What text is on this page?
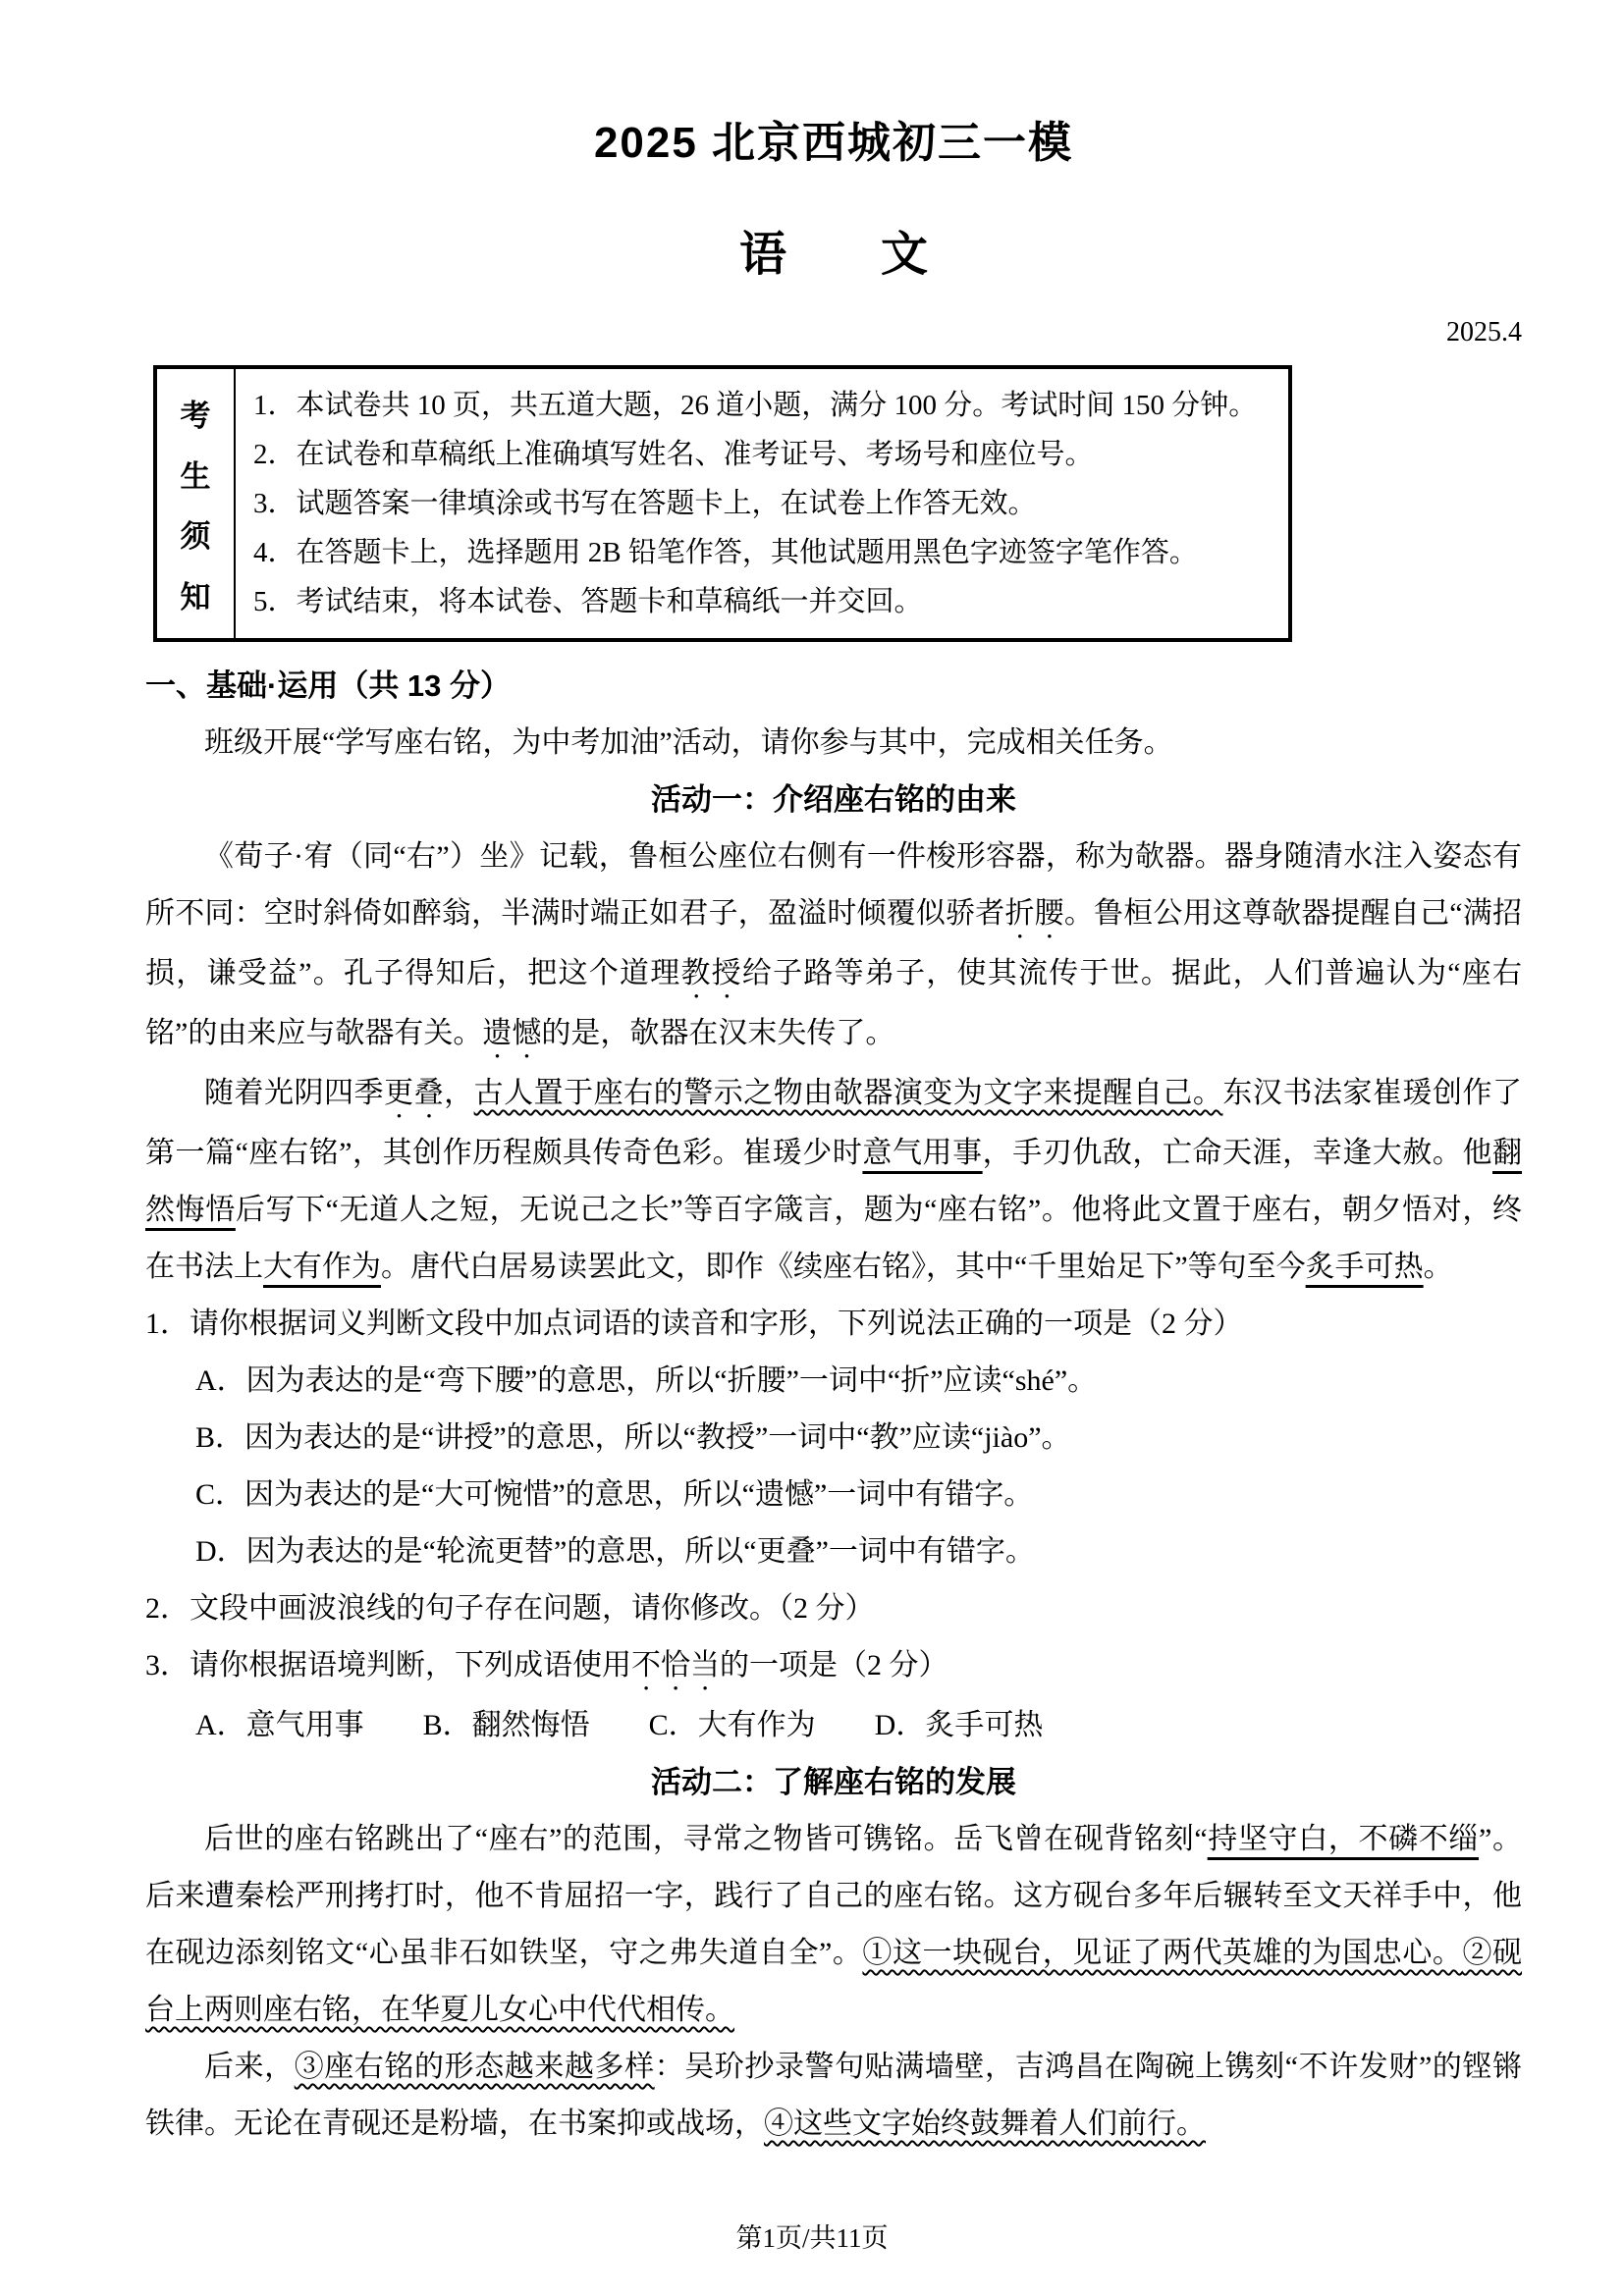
2025 北京西城初三一模
语　　文
2025.4
考
生
须
知
1．本试卷共 10 页，共五道大题，26 道小题，满分 100 分。考试时间 150 分钟。
2．在试卷和草稿纸上准确填写姓名、准考证号、考场号和座位号。
3．试题答案一律填涂或书写在答题卡上，在试卷上作答无效。
4．在答题卡上，选择题用 2B 铅笔作答，其他试题用黑色字迹签字笔作答。
5．考试结束，将本试卷、答题卡和草稿纸一并交回。
一、基础·运用（共 13 分）

班级开展“学写座右铭，为中考加油”活动，请你参与其中，完成相关任务。

活动一：介绍座右铭的由来

《荀子·宥（同“右”）坐》记载，鲁桓公座位右侧有一件梭形容器，称为欹器。器身随清水注入姿态有所不同：空时斜倚如醉翁，半满时端正如君子，盈溢时倾覆似骄者折腰。鲁桓公用这尊欹器提醒自己“满招损，谦受益”。孔子得知后，把这个道理教授给子路等弟子，使其流传于世。据此，人们普遍认为“座右铭”的由来应与欹器有关。遗憾的是，欹器在汉末失传了。

随着光阴四季更叠，古人置于座右的警示之物由欹器演变为文字来提醒自己。东汉书法家崔瑗创作了第一篇“座右铭”，其创作历程颇具传奇色彩。崔瑗少时意气用事，手刃仇敌，亡命天涯，幸逢大赦。他翻然悔悟后写下“无道人之短，无说己之长”等百字箴言，题为“座右铭”。他将此文置于座右，朝夕悟对，终在书法上大有作为。唐代白居易读罢此文，即作《续座右铭》，其中“千里始足下”等句至今炙手可热。

1．请你根据词义判断文段中加点词语的读音和字形，下列说法正确的一项是（2 分）
A．因为表达的是“弯下腰”的意思，所以“折腰”一词中“折”应读“shé”。
B．因为表达的是“讲授”的意思，所以“教授”一词中“教”应读“jiào”。
C．因为表达的是“大可惋惜”的意思，所以“遗憾”一词中有错字。
D．因为表达的是“轮流更替”的意思，所以“更叠”一词中有错字。
2．文段中画波浪线的句子存在问题，请你修改。（2 分）
3．请你根据语境判断，下列成语使用不恰当的一项是（2 分）
A．意气用事　　B．翻然悔悟　　C．大有作为　　D．炙手可热
活动二：了解座右铭的发展

后世的座右铭跳出了“座右”的范围，寻常之物皆可镌铭。岳飞曾在砚背铭刻“持坚守白，不磷不缁”。后来遭秦桧严刑拷打时，他不肯屈招一字，践行了自己的座右铭。这方砚台多年后辗转至文天祥手中，他在砚边添刻铭文“心虽非石如铁坚，守之弗失道自全”。①这一块砚台，见证了两代英雄的为国忠心。②砚台上两则座右铭，在华夏儿女心中代代相传。

后来，③座右铭的形态越来越多样：吴玠抄录警句贴满墙壁，吉鸿昌在陶碗上镌刻“不许发财”的铿锵铁律。无论在青砚还是粉墙，在书案抑或战场，④这些文字始终鼓舞着人们前行。

第1页/共11页
